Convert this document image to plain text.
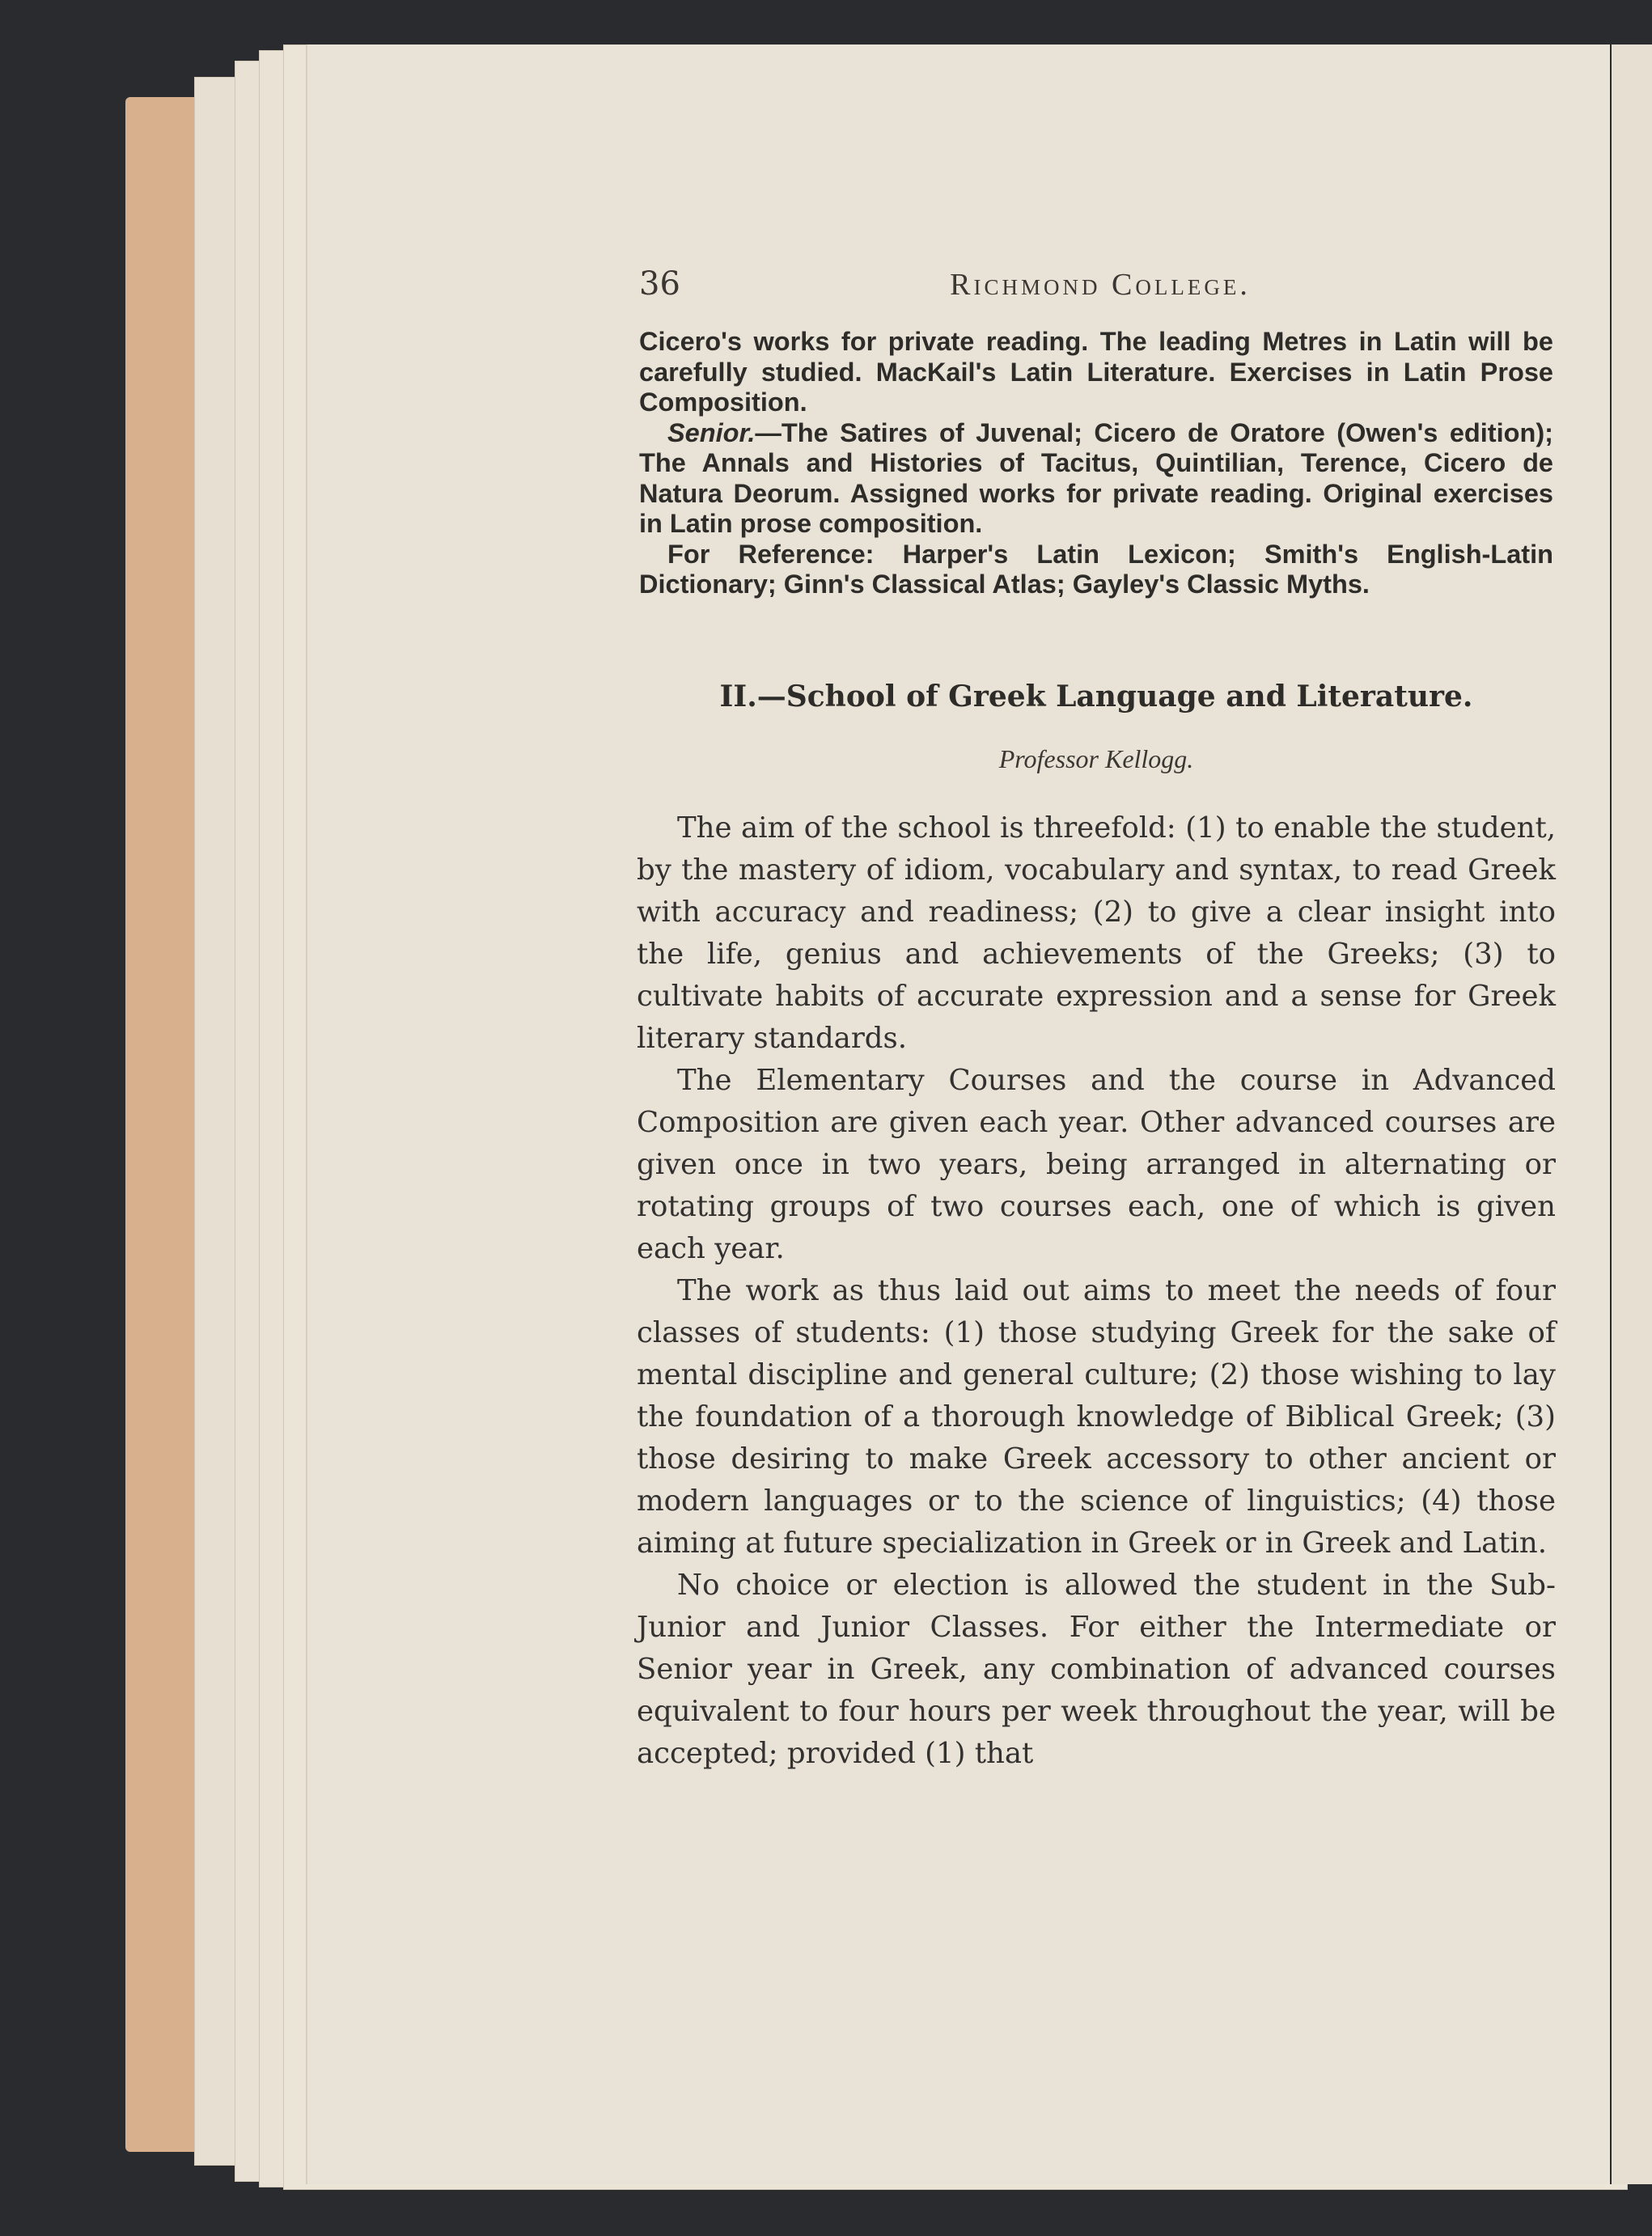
36	Richmond College.

Cicero's works for private reading. The leading Metres in Latin will be carefully studied. MacKail's Latin Literature. Exercises in Latin Prose Composition.

Senior.—The Satires of Juvenal; Cicero de Oratore (Owen's edition); The Annals and Histories of Tacitus, Quintilian, Terence, Cicero de Natura Deorum. Assigned works for private reading. Original exercises in Latin prose composition.

For Reference: Harper's Latin Lexicon; Smith's English-Latin Dictionary; Ginn's Classical Atlas; Gayley's Classic Myths.

II.—School of Greek Language and Literature.
Professor Kellogg.

The aim of the school is threefold: (1) to enable the student, by the mastery of idiom, vocabulary and syntax, to read Greek with accuracy and readiness; (2) to give a clear insight into the life, genius and achievements of the Greeks; (3) to cultivate habits of accurate expression and a sense for Greek literary standards.

The Elementary Courses and the course in Advanced Composition are given each year. Other advanced courses are given once in two years, being arranged in alternating or rotating groups of two courses each, one of which is given each year.

The work as thus laid out aims to meet the needs of four classes of students: (1) those studying Greek for the sake of mental discipline and general culture; (2) those wishing to lay the foundation of a thorough knowledge of Biblical Greek; (3) those desiring to make Greek accessory to other ancient or modern languages or to the science of linguistics; (4) those aiming at future specialization in Greek or in Greek and Latin.

No choice or election is allowed the student in the Sub-Junior and Junior Classes. For either the Intermediate or Senior year in Greek, any combination of advanced courses equivalent to four hours per week throughout the year, will be accepted; provided (1) that
